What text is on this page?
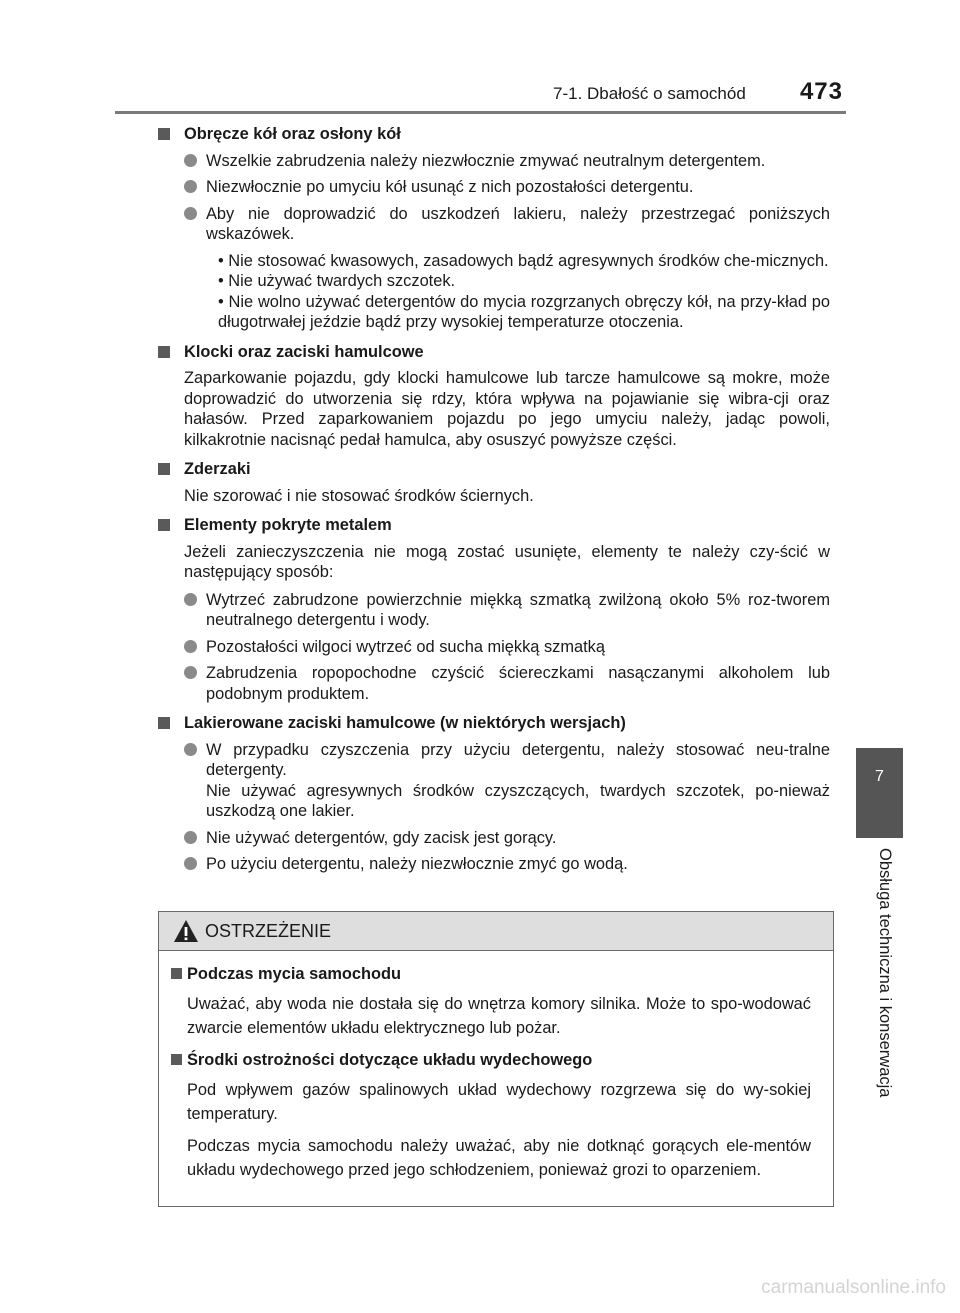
7-1. Dbałość o samochód 473
7
Obsługa techniczna i konserwacja
Obręcze kół oraz osłony kół
Wszelkie zabrudzenia należy niezwłocznie zmywać neutralnym detergentem.
Niezwłocznie po umyciu kół usunąć z nich pozostałości detergentu.
Aby nie doprowadzić do uszkodzeń lakieru, należy przestrzegać poniższych wskazówek.
• Nie stosować kwasowych, zasadowych bądź agresywnych środków che-micznych.
• Nie używać twardych szczotek.
• Nie wolno używać detergentów do mycia rozgrzanych obręczy kół, na przy-kład po długotrwałej jeździe bądź przy wysokiej temperaturze otoczenia.
Klocki oraz zaciski hamulcowe
Zaparkowanie pojazdu, gdy klocki hamulcowe lub tarcze hamulcowe są mokre, może doprowadzić do utworzenia się rdzy, która wpływa na pojawianie się wibra-cji oraz hałasów. Przed zaparkowaniem pojazdu po jego umyciu należy, jadąc powoli, kilkakrotnie nacisnąć pedał hamulca, aby osuszyć powyższe części.
Zderzaki
Nie szorować i nie stosować środków ściernych.
Elementy pokryte metalem
Jeżeli zanieczyszczenia nie mogą zostać usunięte, elementy te należy czy-ścić w następujący sposób:
Wytrzeć zabrudzone powierzchnie miękką szmatką zwilżoną około 5% roz-tworem neutralnego detergentu i wody.
Pozostałości wilgoci wytrzeć od sucha miękką szmatką
Zabrudzenia ropopochodne czyścić ściereczkami nasączanymi alkoholem lub podobnym produktem.
Lakierowane zaciski hamulcowe (w niektórych wersjach)
W przypadku czyszczenia przy użyciu detergentu, należy stosować neu-tralne detergenty.
Nie używać agresywnych środków czyszczących, twardych szczotek, po-nieważ uszkodzą one lakier.
Nie używać detergentów, gdy zacisk jest gorący.
Po użyciu detergentu, należy niezwłocznie zmyć go wodą.
OSTRZEŻENIE
Podczas mycia samochodu
Uważać, aby woda nie dostała się do wnętrza komory silnika. Może to spo-wodować zwarcie elementów układu elektrycznego lub pożar.
Środki ostrożności dotyczące układu wydechowego
Pod wpływem gazów spalinowych układ wydechowy rozgrzewa się do wy-sokiej temperatury.
Podczas mycia samochodu należy uważać, aby nie dotknąć gorących ele-mentów układu wydechowego przed jego schłodzeniem, ponieważ grozi to oparzeniem.
carmanualsonline.info
